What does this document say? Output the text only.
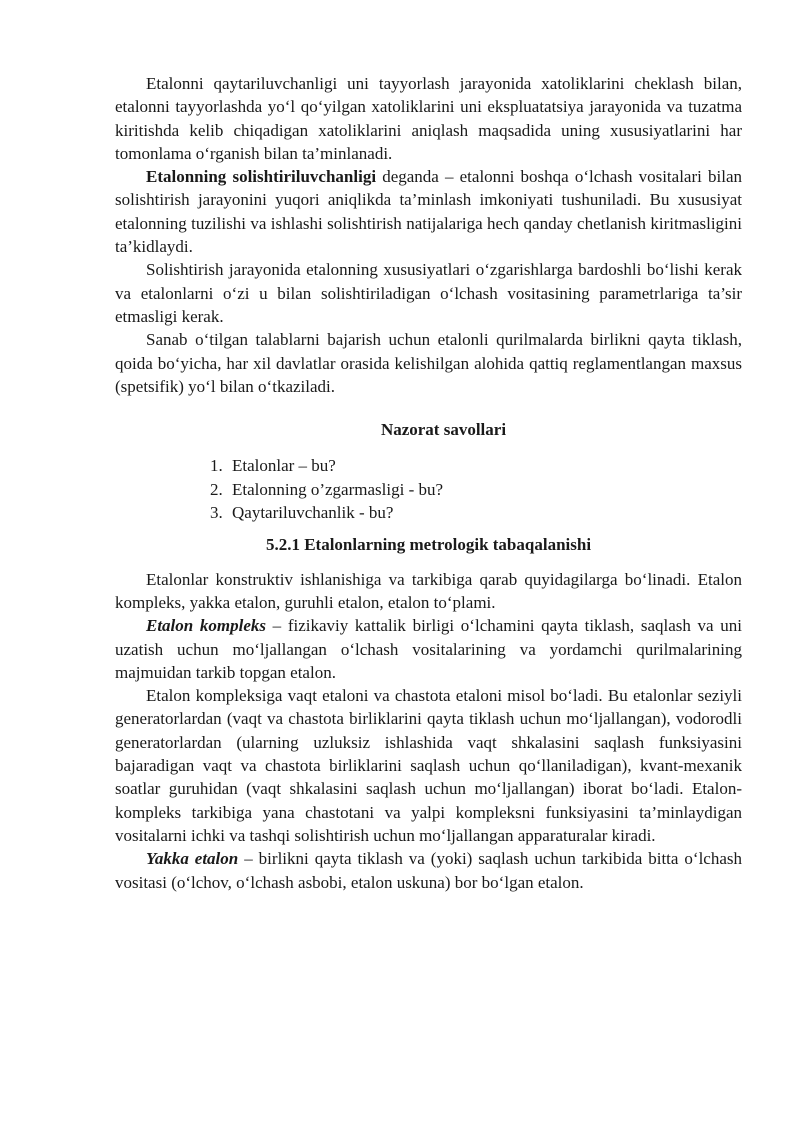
Etalonni qaytariluvchanligi uni tayyorlash jarayonida xatoliklarini cheklash bilan, etalonni tayyorlashda yo‘l qo‘yilgan xatoliklarini uni ekspluatatsiya jarayonida va tuzatma kiritishda kelib chiqadigan xatoliklarini aniqlash maqsadida uning xususiyatlarini har tomonlama o‘rganish bilan ta’minlanadi.

Etalonning solishtiriluvchanligi deganda – etalonni boshqa o‘lchash vositalari bilan solishtirish jarayonini yuqori aniqlikda ta’minlash imkoniyati tushuniladi. Bu xususiyat etalonning tuzilishi va ishlashi solishtirish natijalariga hech qanday chetlanish kiritmasligini ta’kidlaydi.

Solishtirish jarayonida etalonning xususiyatlari o‘zgarishlarga bardoshli bo‘lishi kerak va etalonlarni o‘zi u bilan solishtiriladigan o‘lchash vositasining parametrlariga ta’sir etmasligi kerak.

Sanab o‘tilgan talablarni bajarish uchun etalonli qurilmalarda birlikni qayta tiklash, qoida bo‘yicha, har xil davlatlar orasida kelishilgan alohida qattiq reglamentlangan maxsus (spetsifik) yo‘l bilan o‘tkaziladi.

Nazorat savollari

1. Etalonlar – bu?
2. Etalonning o’zgarmasligi - bu?
3. Qaytariluvchanlik - bu?

5.2.1 Etalonlarning metrologik tabaqalanishi

Etalonlar konstruktiv ishlanishiga va tarkibiga qarab quyidagilarga bo‘linadi. Etalon kompleks, yakka etalon, guruhli etalon, etalon to‘plami.

Etalon kompleks – fizikaviy kattalik birligi o‘lchamini qayta tiklash, saqlash va uni uzatish uchun mo‘ljallangan o‘lchash vositalarining va yordamchi qurilmalarining majmuidan tarkib topgan etalon.

Etalon kompleksiga vaqt etaloni va chastota etaloni misol bo‘ladi. Bu etalonlar seziyli generatorlardan (vaqt va chastota birliklarini qayta tiklash uchun mo‘ljallangan), vodorodli generatorlardan (ularning uzluksiz ishlashida vaqt shkalasini saqlash funksiyasini bajaradigan vaqt va chastota birliklarini saqlash uchun qo‘llaniladigan), kvant-mexanik soatlar guruhidan (vaqt shkalasini saqlash uchun mo‘ljallangan) iborat bo‘ladi. Etalon-kompleks tarkibiga yana chastotani va yalpi kompleksni funksiyasini ta’minlaydigan vositalarni ichki va tashqi solishtirish uchun mo‘ljallangan apparaturalar kiradi.

Yakka etalon – birlikni qayta tiklash va (yoki) saqlash uchun tarkibida bitta o‘lchash vositasi (o‘lchov, o‘lchash asbobi, etalon uskuna) bor bo‘lgan etalon.
